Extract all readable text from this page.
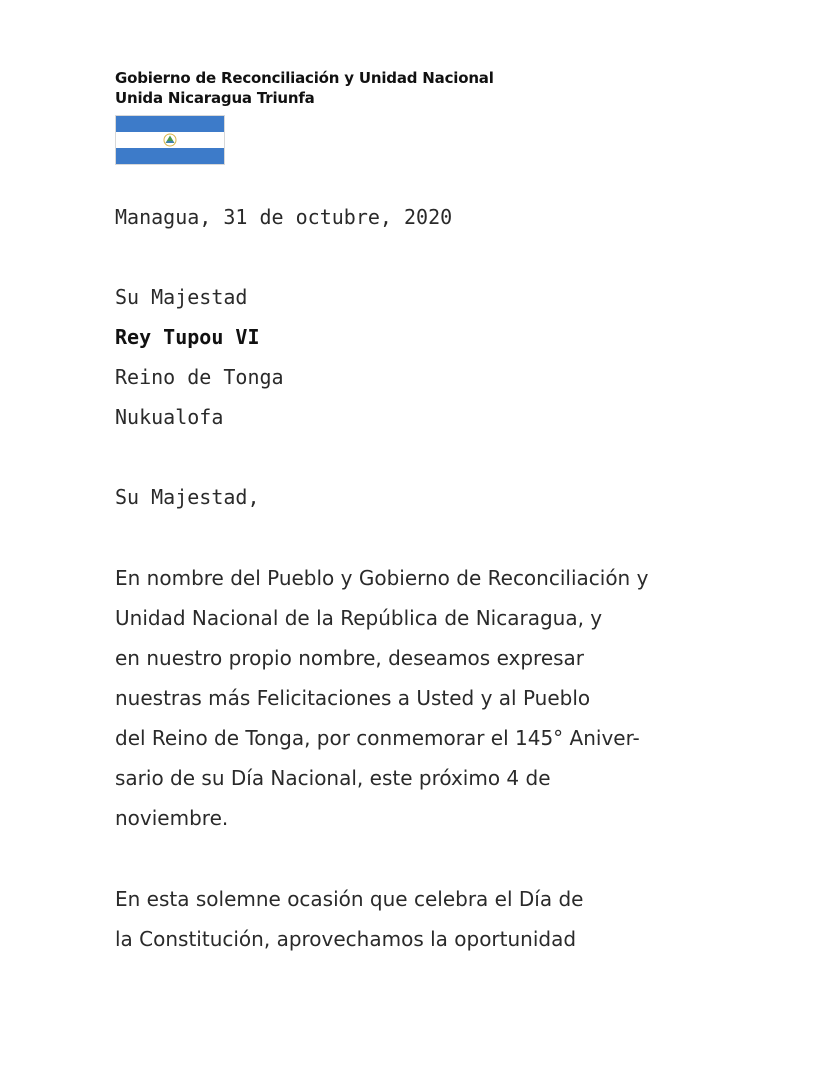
Gobierno de Reconciliación y Unidad Nacional
Unida Nicaragua Triunfa
Managua, 31 de octubre, 2020
Su Majestad
Rey Tupou VI
Reino de Tonga
Nukualofa
Su Majestad,
En nombre del Pueblo y Gobierno de Reconciliación y
Unidad Nacional de la República de Nicaragua, y
en nuestro propio nombre, deseamos expresar
nuestras más Felicitaciones a Usted y al Pueblo
del Reino de Tonga, por conmemorar el 145° Aniver-
sario de su Día Nacional, este próximo 4 de
noviembre.
En esta solemne ocasión que celebra el Día de
la Constitución, aprovechamos la oportunidad
